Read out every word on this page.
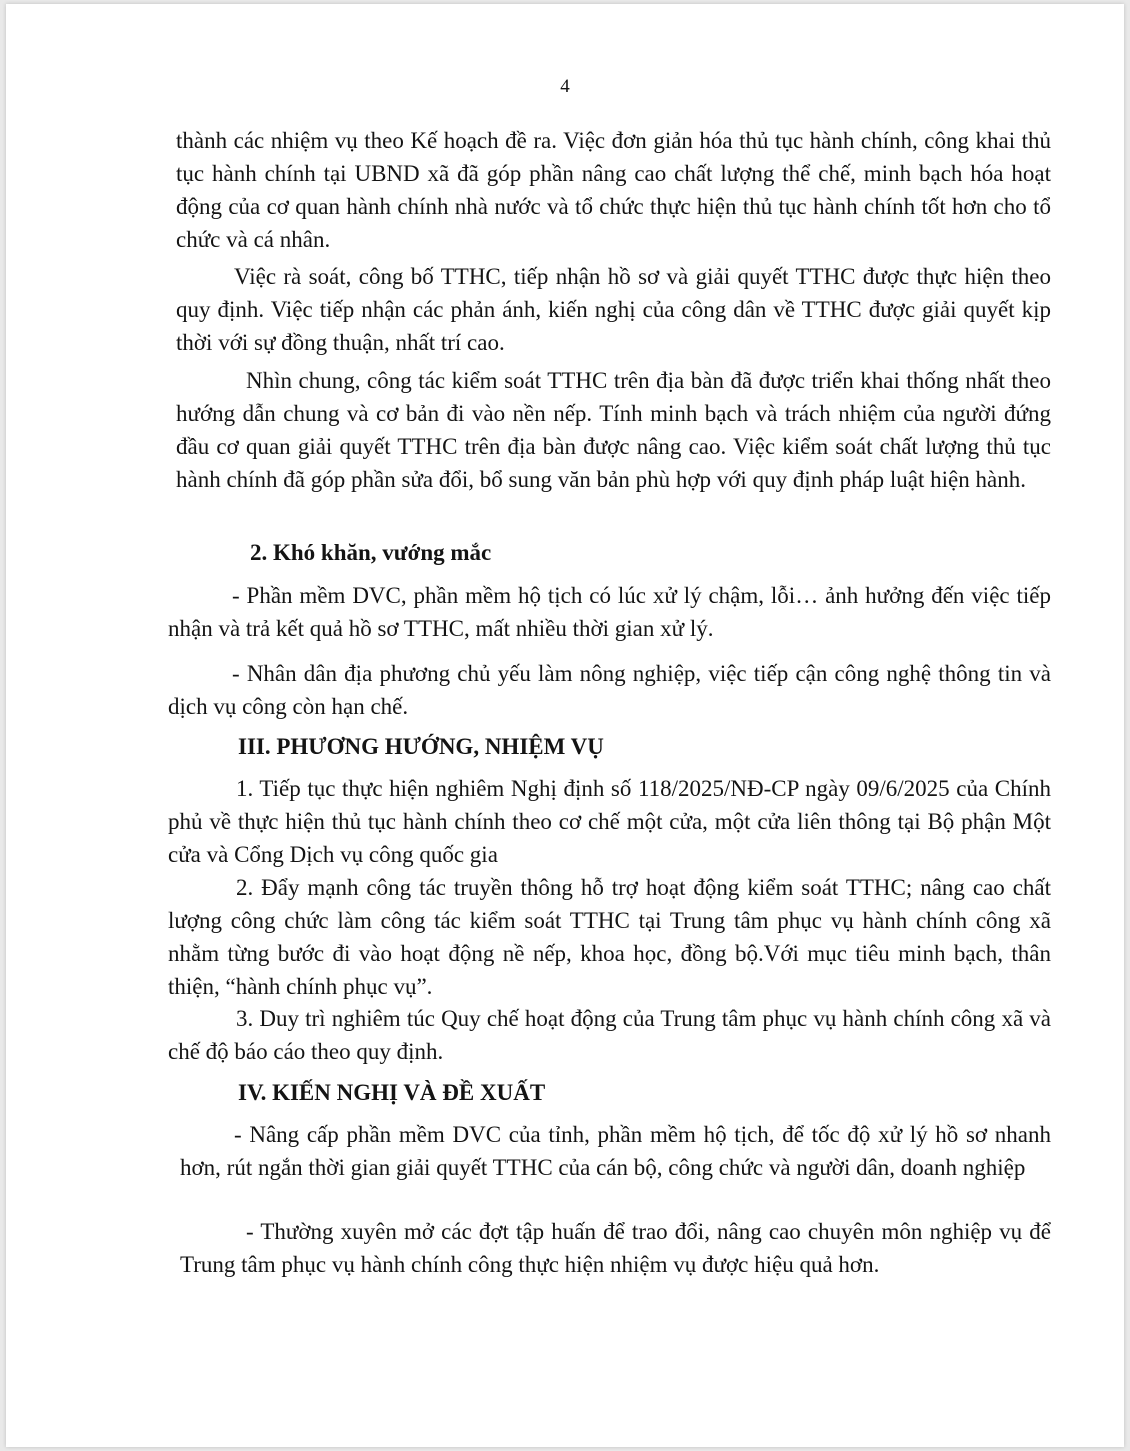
4

thành các nhiệm vụ theo Kế hoạch đề ra. Việc đơn giản hóa thủ tục hành chính, công khai thủ tục hành chính tại UBND xã đã góp phần nâng cao chất lượng thể chế, minh bạch hóa hoạt động của cơ quan hành chính nhà nước và tổ chức thực hiện thủ tục hành chính tốt hơn cho tổ chức và cá nhân.

Việc rà soát, công bố TTHC, tiếp nhận hồ sơ và giải quyết TTHC được thực hiện theo quy định. Việc tiếp nhận các phản ánh, kiến nghị của công dân về TTHC được giải quyết kịp thời với sự đồng thuận, nhất trí cao.

Nhìn chung, công tác kiểm soát TTHC trên địa bàn đã được triển khai thống nhất theo hướng dẫn chung và cơ bản đi vào nền nếp. Tính minh bạch và trách nhiệm của người đứng đầu cơ quan giải quyết TTHC trên địa bàn được nâng cao. Việc kiểm soát chất lượng thủ tục hành chính đã góp phần sửa đổi, bổ sung văn bản phù hợp với quy định pháp luật hiện hành.

2. Khó khăn, vướng mắc

- Phần mềm DVC, phần mềm hộ tịch có lúc xử lý chậm, lỗi… ảnh hưởng đến việc tiếp nhận và trả kết quả hồ sơ TTHC, mất nhiều thời gian xử lý.

- Nhân dân địa phương chủ yếu làm nông nghiệp, việc tiếp cận công nghệ thông tin và dịch vụ công còn hạn chế.

III. PHƯƠNG HƯỚNG, NHIỆM VỤ

1. Tiếp tục thực hiện nghiêm Nghị định số 118/2025/NĐ-CP ngày 09/6/2025 của Chính phủ về thực hiện thủ tục hành chính theo cơ chế một cửa, một cửa liên thông tại Bộ phận Một cửa và Cổng Dịch vụ công quốc gia

2. Đẩy mạnh công tác truyền thông hỗ trợ hoạt động kiểm soát TTHC; nâng cao chất lượng công chức làm công tác kiểm soát TTHC tại Trung tâm phục vụ hành chính công xã nhằm từng bước đi vào hoạt động nề nếp, khoa học, đồng bộ.Với mục tiêu minh bạch, thân thiện, “hành chính phục vụ”.

3. Duy trì nghiêm túc Quy chế hoạt động của Trung tâm phục vụ hành chính công xã và chế độ báo cáo theo quy định.

IV. KIẾN NGHỊ VÀ ĐỀ XUẤT

- Nâng cấp phần mềm DVC của tỉnh, phần mềm hộ tịch, để tốc độ xử lý hồ sơ nhanh hơn, rút ngắn thời gian giải quyết TTHC của cán bộ, công chức và người dân, doanh nghiệp

- Thường xuyên mở các đợt tập huấn để trao đổi, nâng cao chuyên môn nghiệp vụ để Trung tâm phục vụ hành chính công thực hiện nhiệm vụ được hiệu quả hơn.
